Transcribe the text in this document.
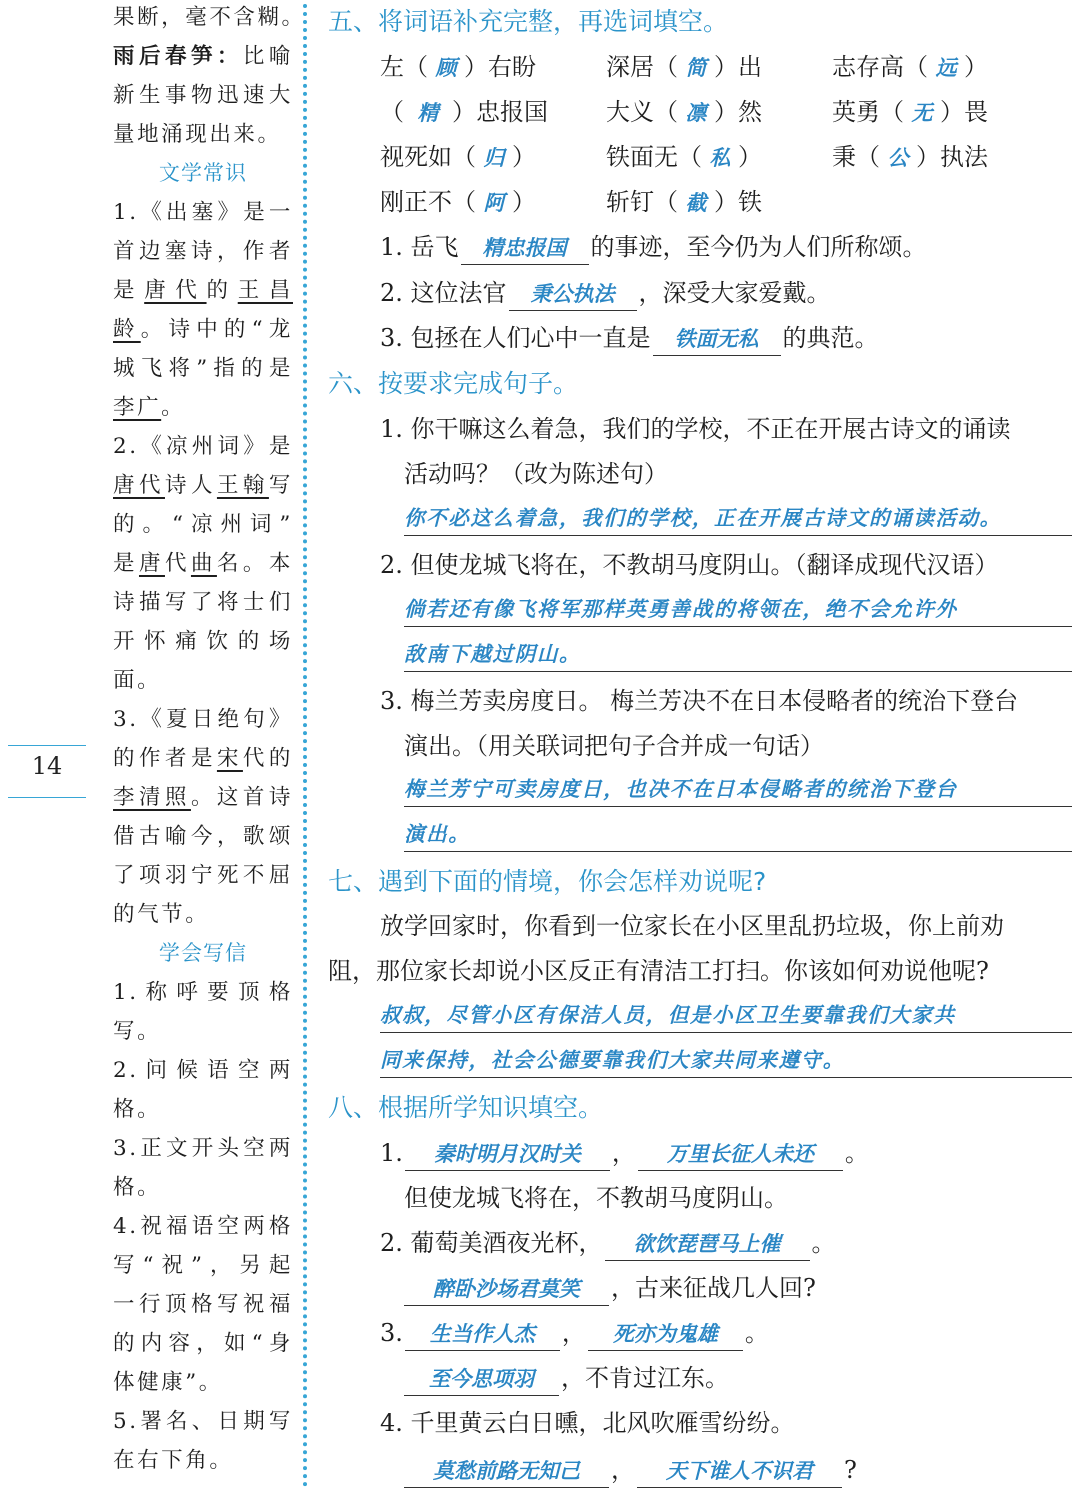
14
果断，毫不含糊。
雨后春笋：比喻
新生事物迅速大
量地涌现出来。
文学常识
1.《出塞》是一
首边塞诗，作者
是唐代的王昌
龄。诗中的“龙
城飞将”指的是
李广。
2.《凉州词》是
唐代诗人王翰写
的。“凉州词”
是唐代曲名。本
诗描写了将士们
开怀痛饮的场
面。
3.《夏日绝句》
的作者是宋代的
李清照。这首诗
借古喻今，歌颂
了项羽宁死不屈
的气节。
学会写信
1.称呼要顶格
写。
2.问候语空两
格。
3.正文开头空两
格。
4.祝福语空两格
写“祝”，另起
一行顶格写祝福
的内容，如“身
体健康”。
5.署名、日期写
在右下角。
五、将词语补充完整，再选词填空。
左（ 顾 ）右盼	深居（ 简 ）出	志存高（ 远 ）
（ 精 ）忠报国 大义（ 凛 ）然	英勇（ 无 ）畏
视死如（ 归 ）	铁面无（ 私 ）	秉（ 公 ）执法
刚正不（ 阿 ）	斩钉（ 截 ）铁
1. 岳飞 精忠报国 的事迹，至今仍为人们所称颂。
2. 这位法官 秉公执法 ，深受大家爱戴。
3. 包拯在人们心中一直是 铁面无私 的典范。
六、按要求完成句子。
1. 你干嘛这么着急，我们的学校，不正在开展古诗文的诵读
活动吗？（改为陈述句）
你不必这么着急，我们的学校，正在开展古诗文的诵读活动。
2. 但使龙城飞将在，不教胡马度阴山。（翻译成现代汉语）
倘若还有像飞将军那样英勇善战的将领在，绝不会允许外
敌南下越过阴山。
3. 梅兰芳卖房度日。 梅兰芳决不在日本侵略者的统治下登台
演出。（用关联词把句子合并成一句话）
梅兰芳宁可卖房度日，也决不在日本侵略者的统治下登台
演出。
七、遇到下面的情境，你会怎样劝说呢?
放学回家时，你看到一位家长在小区里乱扔垃圾，你上前劝
阻，那位家长却说小区反正有清洁工打扫。你该如何劝说他呢?
叔叔，尽管小区有保洁人员，但是小区卫生要靠我们大家共
同来保持，社会公德要靠我们大家共同来遵守。
八、根据所学知识填空。
1. 秦时明月汉时关 ， 万里长征人未还 。
但使龙城飞将在，不教胡马度阴山。
2. 葡萄美酒夜光杯， 欲饮琵琶马上催 。
醉卧沙场君莫笑 ，古来征战几人回?
3. 生当作人杰 ， 死亦为鬼雄 。
至今思项羽 ，不肯过江东。
4. 千里黄云白日曛，北风吹雁雪纷纷。
莫愁前路无知己 ， 天下谁人不识君 ?
